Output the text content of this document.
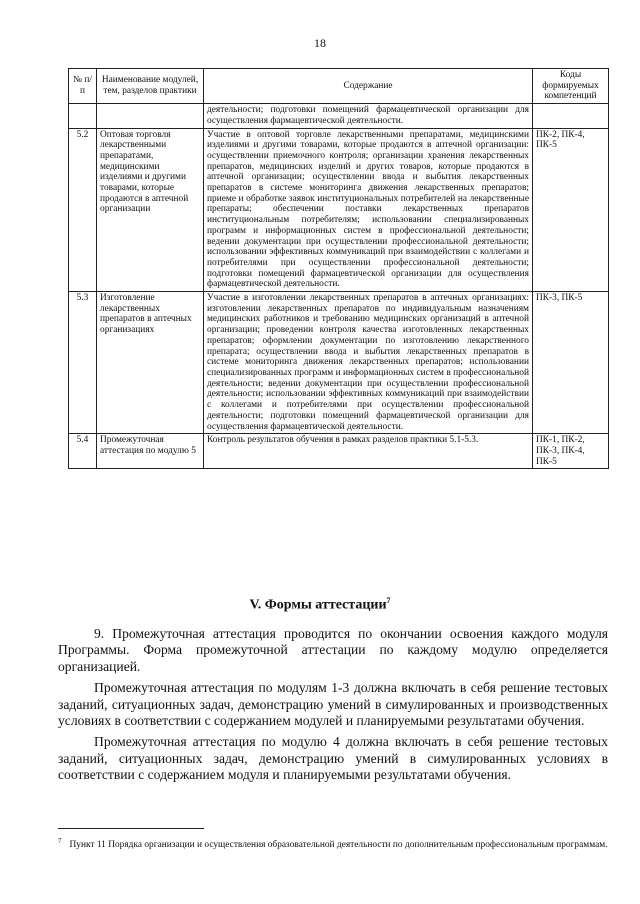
18
№ п/п	Наименование модулей, тем, разделов практики	Содержание	Коды формируемых компетенций
		деятельности; подготовки помещений фармацевтической организации для осуществления фармацевтической деятельности.	
5.2	Оптовая торговля лекарственными препаратами, медицинскими изделиями и другими товарами, которые продаются в аптечной организации	Участие в оптовой торговле лекарственными препаратами, медицинскими изделиями и другими товарами, которые продаются в аптечной организации: осуществлении приемочного контроля; организации хранения лекарственных препаратов, медицинских изделий и других товаров, которые продаются в аптечной организации; осуществлении ввода и выбытия лекарственных препаратов в системе мониторинга движения лекарственных препаратов; приеме и обработке заявок институциональных потребителей на лекарственные препараты; обеспечении поставки лекарственных препаратов институциональным потребителям; использовании специализированных программ и информационных систем в профессиональной деятельности; ведении документации при осуществлении профессиональной деятельности; использовании эффективных коммуникаций при взаимодействии с коллегами и потребителями при осуществлении профессиональной деятельности; подготовки помещений фармацевтической организации для осуществления фармацевтической деятельности.	ПК-2, ПК-4, ПК-5
5.3	Изготовление лекарственных препаратов в аптечных организациях	Участие в изготовлении лекарственных препаратов в аптечных организациях: изготовлении лекарственных препаратов по индивидуальным назначениям медицинских работников и требованию медицинских организаций в аптечной организации; проведении контроля качества изготовленных лекарственных препаратов; оформлении документации по изготовлению лекарственного препарата; осуществлении ввода и выбытия лекарственных препаратов в системе мониторинга движения лекарственных препаратов; использовании специализированных программ и информационных систем в профессиональной деятельности; ведении документации при осуществлении профессиональной деятельности; использовании эффективных коммуникаций при взаимодействии с коллегами и потребителями при осуществлении профессиональной деятельности; подготовки помещений фармацевтической организации для осуществления фармацевтической деятельности.	ПК-3, ПК-5
5.4	Промежуточная аттестация по модулю 5	Контроль результатов обучения в рамках разделов практики 5.1-5.3.	ПК-1, ПК-2, ПК-3, ПК-4, ПК-5
V. Формы аттестации$^7$

9. Промежуточная аттестация проводится по окончании освоения каждого модуля Программы. Форма промежуточной аттестации по каждому модулю определяется организацией.

Промежуточная аттестация по модулям 1-3 должна включать в себя решение тестовых заданий, ситуационных задач, демонстрацию умений в симулированных и производственных условиях в соответствии с содержанием модулей и планируемыми результатами обучения.

Промежуточная аттестация по модулю 4 должна включать в себя решение тестовых заданий, ситуационных задач, демонстрацию умений в симулированных условиях в соответствии с содержанием модуля и планируемыми результатами обучения.

$^7$ Пункт 11 Порядка организации и осуществления образовательной деятельности по дополнительным профессиональным программам.
